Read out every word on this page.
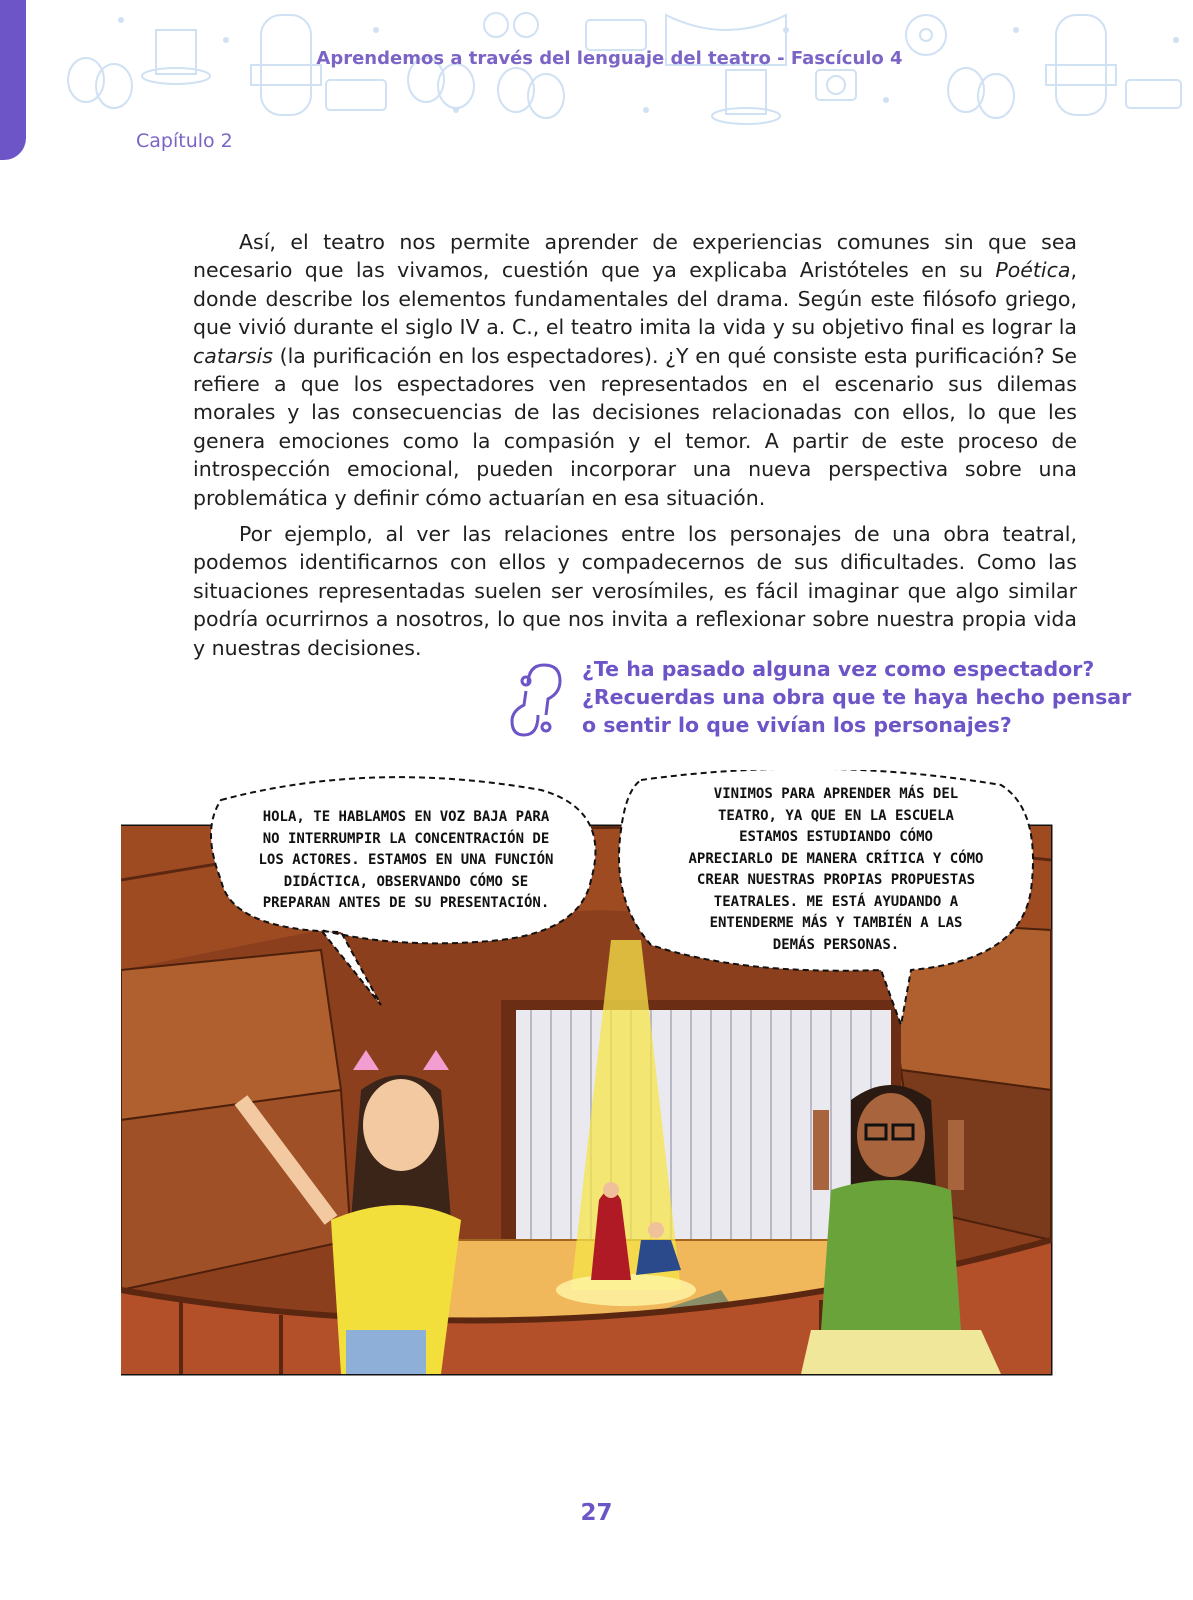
Aprendemos a través del lenguaje del teatro - Fascículo 4
Capítulo 2

Así, el teatro nos permite aprender de experiencias comunes sin que sea necesario que las vivamos, cuestión que ya explicaba Aristóteles en su Poética, donde describe los elementos fundamentales del drama. Según este filósofo griego, que vivió durante el siglo IV a. C., el teatro imita la vida y su objetivo final es lograr la catarsis (la purificación en los espectadores). ¿Y en qué consiste esta purificación? Se refiere a que los espectadores ven representados en el escenario sus dilemas morales y las consecuencias de las decisiones relacionadas con ellos, lo que les genera emociones como la compasión y el temor. A partir de este proceso de introspección emocional, pueden incorporar una nueva perspectiva sobre una problemática y definir cómo actuarían en esa situación.

Por ejemplo, al ver las relaciones entre los personajes de una obra teatral, podemos identificarnos con ellos y compadecernos de sus dificultades. Como las situaciones representadas suelen ser verosímiles, es fácil imaginar que algo similar podría ocurrirnos a nosotros, lo que nos invita a reflexionar sobre nuestra propia vida y nuestras decisiones.

¿Te ha pasado alguna vez como espectador?
¿Recuerdas una obra que te haya hecho pensar
o sentir lo que vivían los personajes?
HOLA, TE HABLAMOS EN VOZ BAJA PARA
NO INTERRUMPIR LA CONCENTRACIÓN DE
LOS ACTORES. ESTAMOS EN UNA FUNCIÓN
DIDÁCTICA, OBSERVANDO CÓMO SE
PREPARAN ANTES DE SU PRESENTACIÓN.
VINIMOS PARA APRENDER MÁS DEL
TEATRO, YA QUE EN LA ESCUELA
ESTAMOS ESTUDIANDO CÓMO
APRECIARLO DE MANERA CRÍTICA Y CÓMO
CREAR NUESTRAS PROPIAS PROPUESTAS
TEATRALES. ME ESTÁ AYUDANDO A
ENTENDERME MÁS Y TAMBIÉN A LAS
DEMÁS PERSONAS.
27
